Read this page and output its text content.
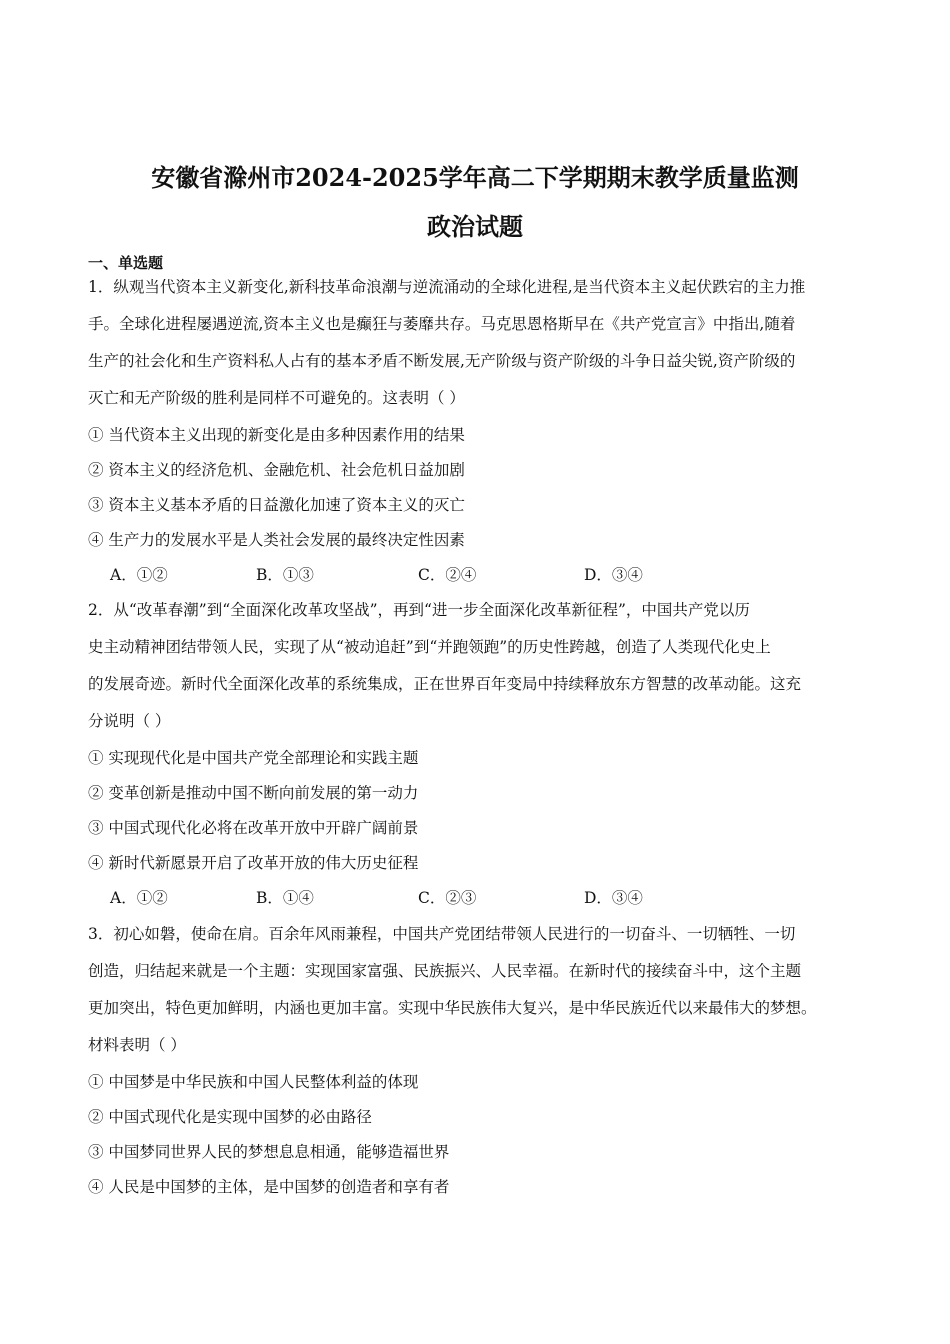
安徽省滁州市2024-2025学年高二下学期期末教学质量监测
政治试题
一、单选题
1．纵观当代资本主义新变化,新科技革命浪潮与逆流涌动的全球化进程,是当代资本主义起伏跌宕的主力推
手。全球化进程屡遇逆流,资本主义也是癫狂与萎靡共存。马克思恩格斯早在《共产党宣言》中指出,随着
生产的社会化和生产资料私人占有的基本矛盾不断发展,无产阶级与资产阶级的斗争日益尖锐,资产阶级的
灭亡和无产阶级的胜利是同样不可避免的。这表明（ ）
① 当代资本主义出现的新变化是由多种因素作用的结果
② 资本主义的经济危机、金融危机、社会危机日益加剧
③ 资本主义基本矛盾的日益激化加速了资本主义的灭亡
④ 生产力的发展水平是人类社会发展的最终决定性因素
A．①②	B．①③	C．②④	D．③④
2．从“改革春潮”到“全面深化改革攻坚战”，再到“进一步全面深化改革新征程”，中国共产党以历
史主动精神团结带领人民，实现了从“被动追赶”到“并跑领跑”的历史性跨越，创造了人类现代化史上
的发展奇迹。新时代全面深化改革的系统集成，正在世界百年变局中持续释放东方智慧的改革动能。这充
分说明（ ）
① 实现现代化是中国共产党全部理论和实践主题
② 变革创新是推动中国不断向前发展的第一动力
③ 中国式现代化必将在改革开放中开辟广阔前景
④ 新时代新愿景开启了改革开放的伟大历史征程
A．①②	B．①④	C．②③	D．③④
3．初心如磐，使命在肩。百余年风雨兼程，中国共产党团结带领人民进行的一切奋斗、一切牺牲、一切
创造，归结起来就是一个主题：实现国家富强、民族振兴、人民幸福。在新时代的接续奋斗中，这个主题
更加突出，特色更加鲜明，内涵也更加丰富。实现中华民族伟大复兴，是中华民族近代以来最伟大的梦想。
材料表明（ ）
① 中国梦是中华民族和中国人民整体利益的体现
② 中国式现代化是实现中国梦的必由路径
③ 中国梦同世界人民的梦想息息相通，能够造福世界
④ 人民是中国梦的主体，是中国梦的创造者和享有者
